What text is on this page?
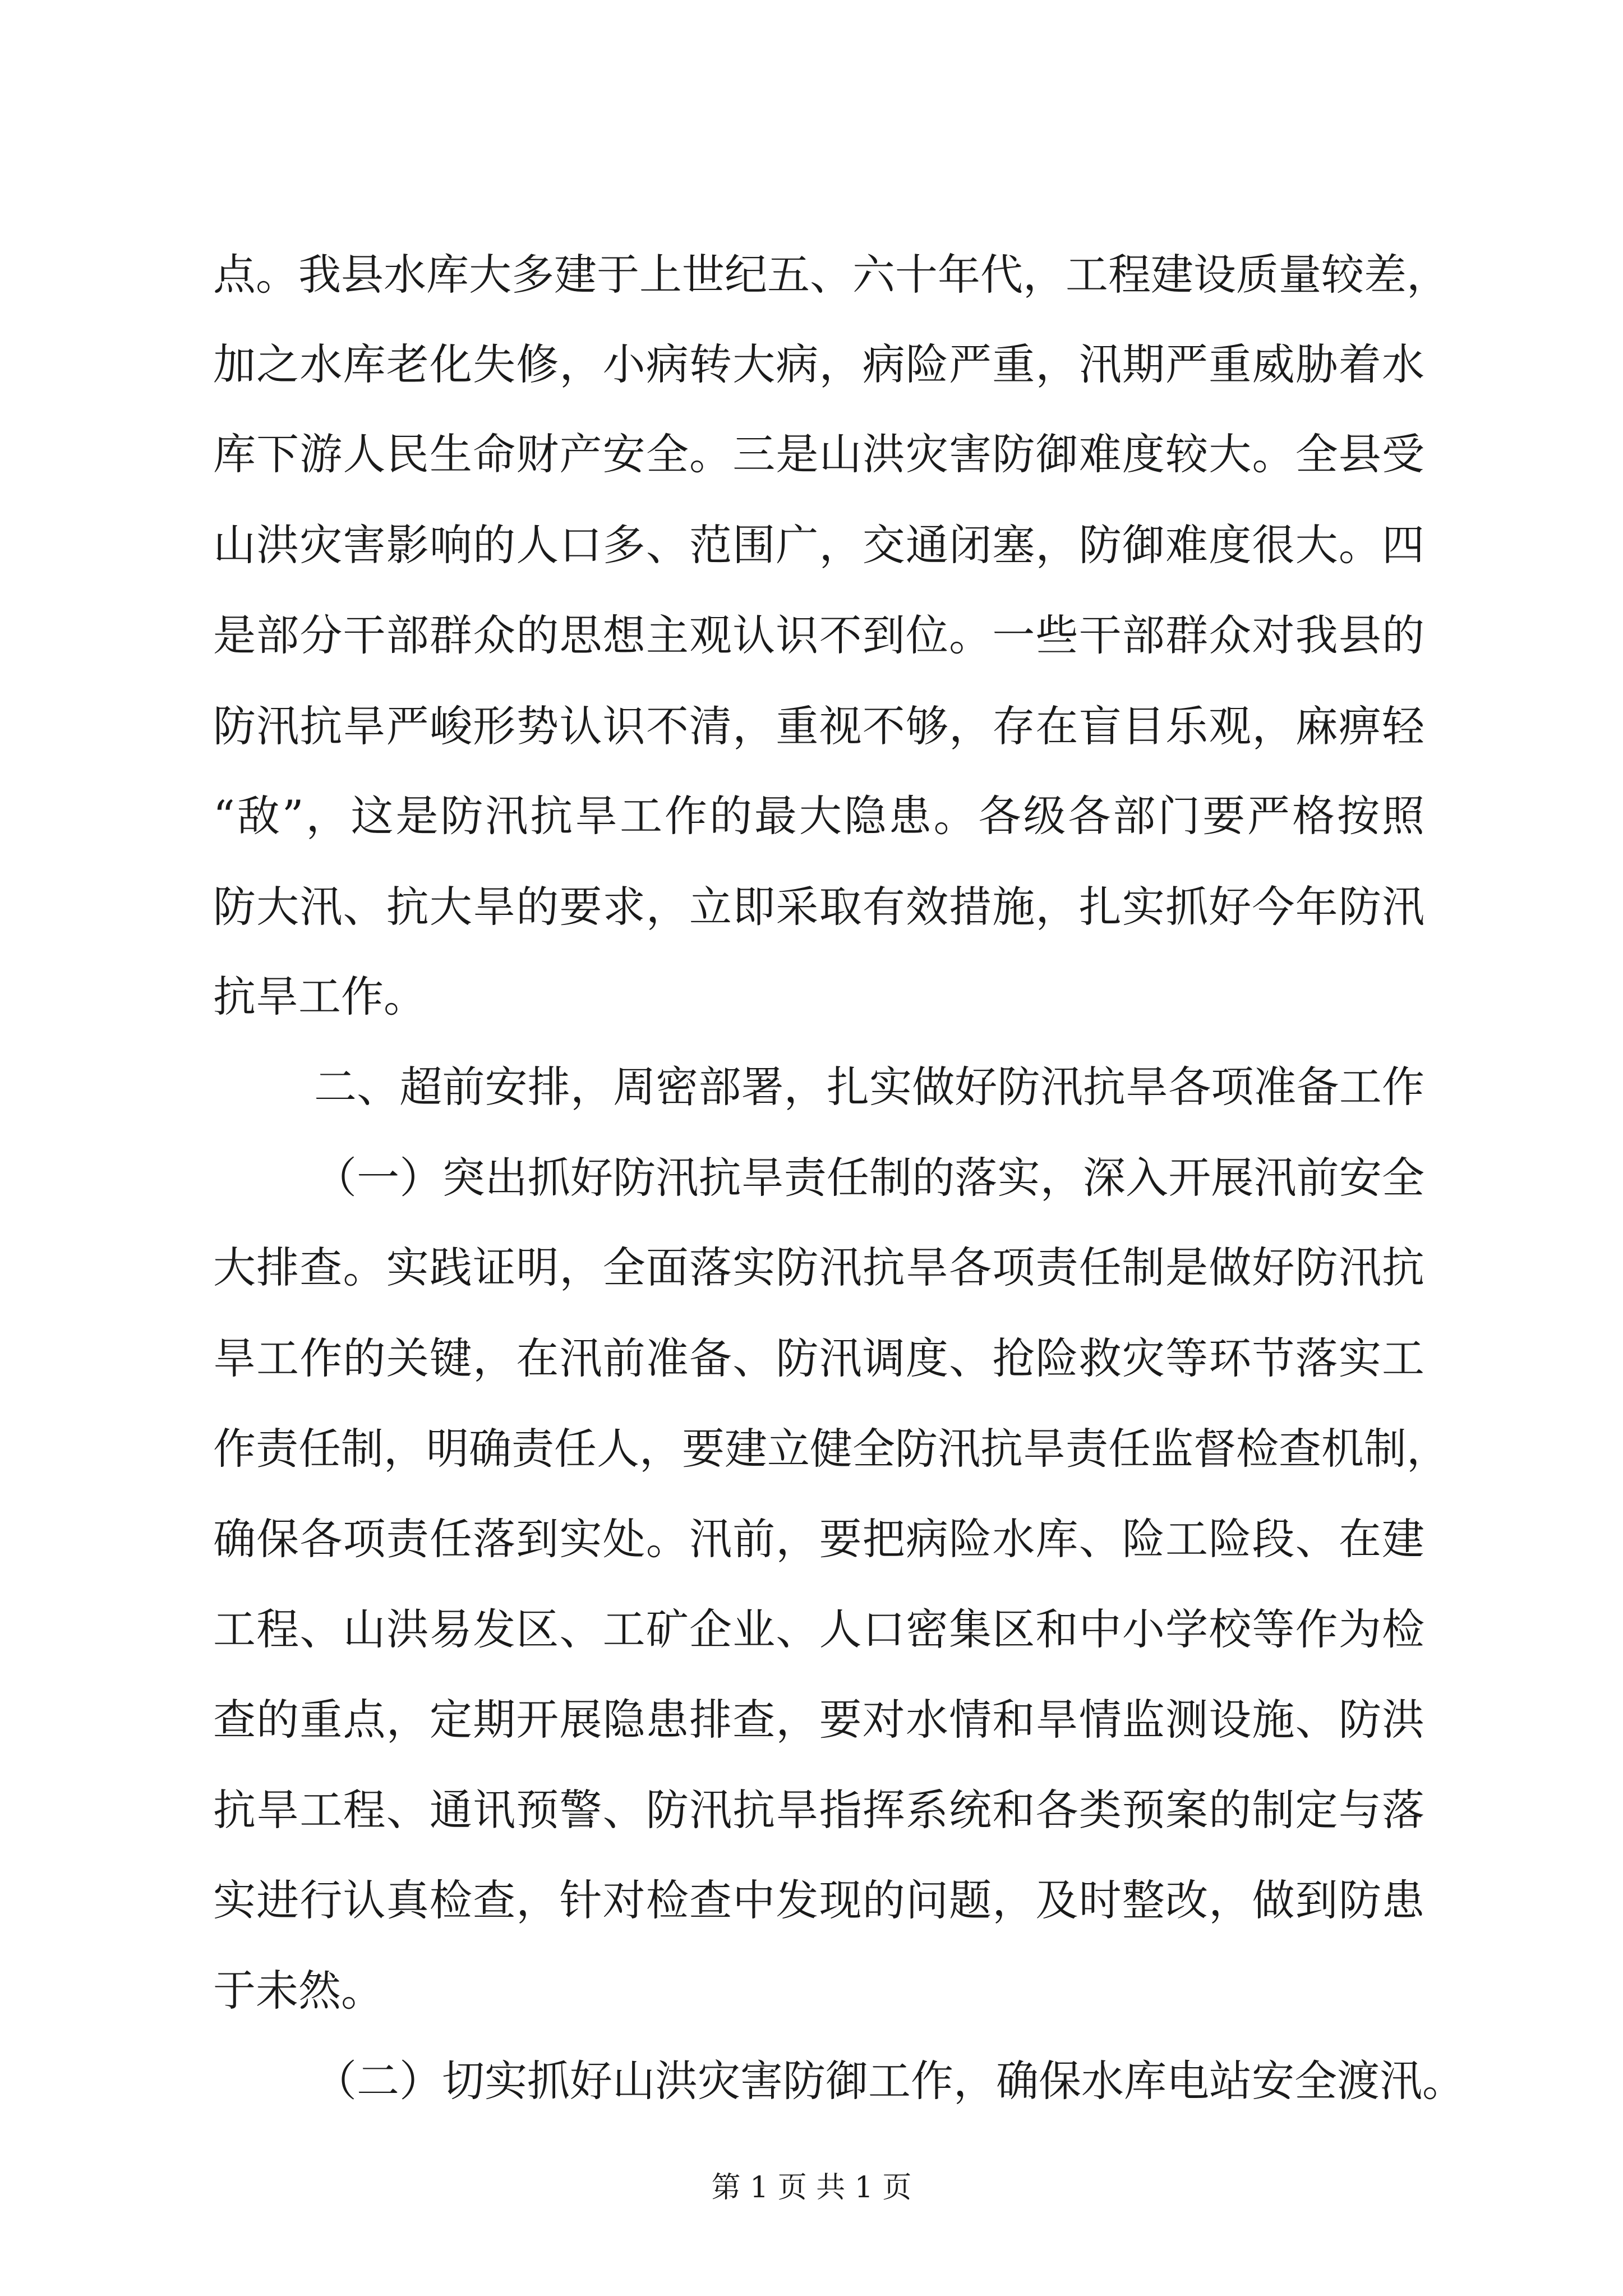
点。我县水库大多建于上世纪五、六十年代，工程建设质量较差，
加之水库老化失修，小病转大病，病险严重，汛期严重威胁着水
库下游人民生命财产安全。三是山洪灾害防御难度较大。全县受
山洪灾害影响的人口多、范围广，交通闭塞，防御难度很大。四
是部分干部群众的思想主观认识不到位。一些干部群众对我县的
防汛抗旱严峻形势认识不清，重视不够，存在盲目乐观，麻痹轻
“敌”，这是防汛抗旱工作的最大隐患。各级各部门要严格按照
防大汛、抗大旱的要求，立即采取有效措施，扎实抓好今年防汛
抗旱工作。
二、超前安排，周密部署，扎实做好防汛抗旱各项准备工作
（一）突出抓好防汛抗旱责任制的落实，深入开展汛前安全
大排查。实践证明，全面落实防汛抗旱各项责任制是做好防汛抗
旱工作的关键，在汛前准备、防汛调度、抢险救灾等环节落实工
作责任制，明确责任人，要建立健全防汛抗旱责任监督检查机制，
确保各项责任落到实处。汛前，要把病险水库、险工险段、在建
工程、山洪易发区、工矿企业、人口密集区和中小学校等作为检
查的重点，定期开展隐患排查，要对水情和旱情监测设施、防洪
抗旱工程、通讯预警、防汛抗旱指挥系统和各类预案的制定与落
实进行认真检查，针对检查中发现的问题，及时整改，做到防患
于未然。
（二）切实抓好山洪灾害防御工作，确保水库电站安全渡汛。
第 1 页 共 1 页
